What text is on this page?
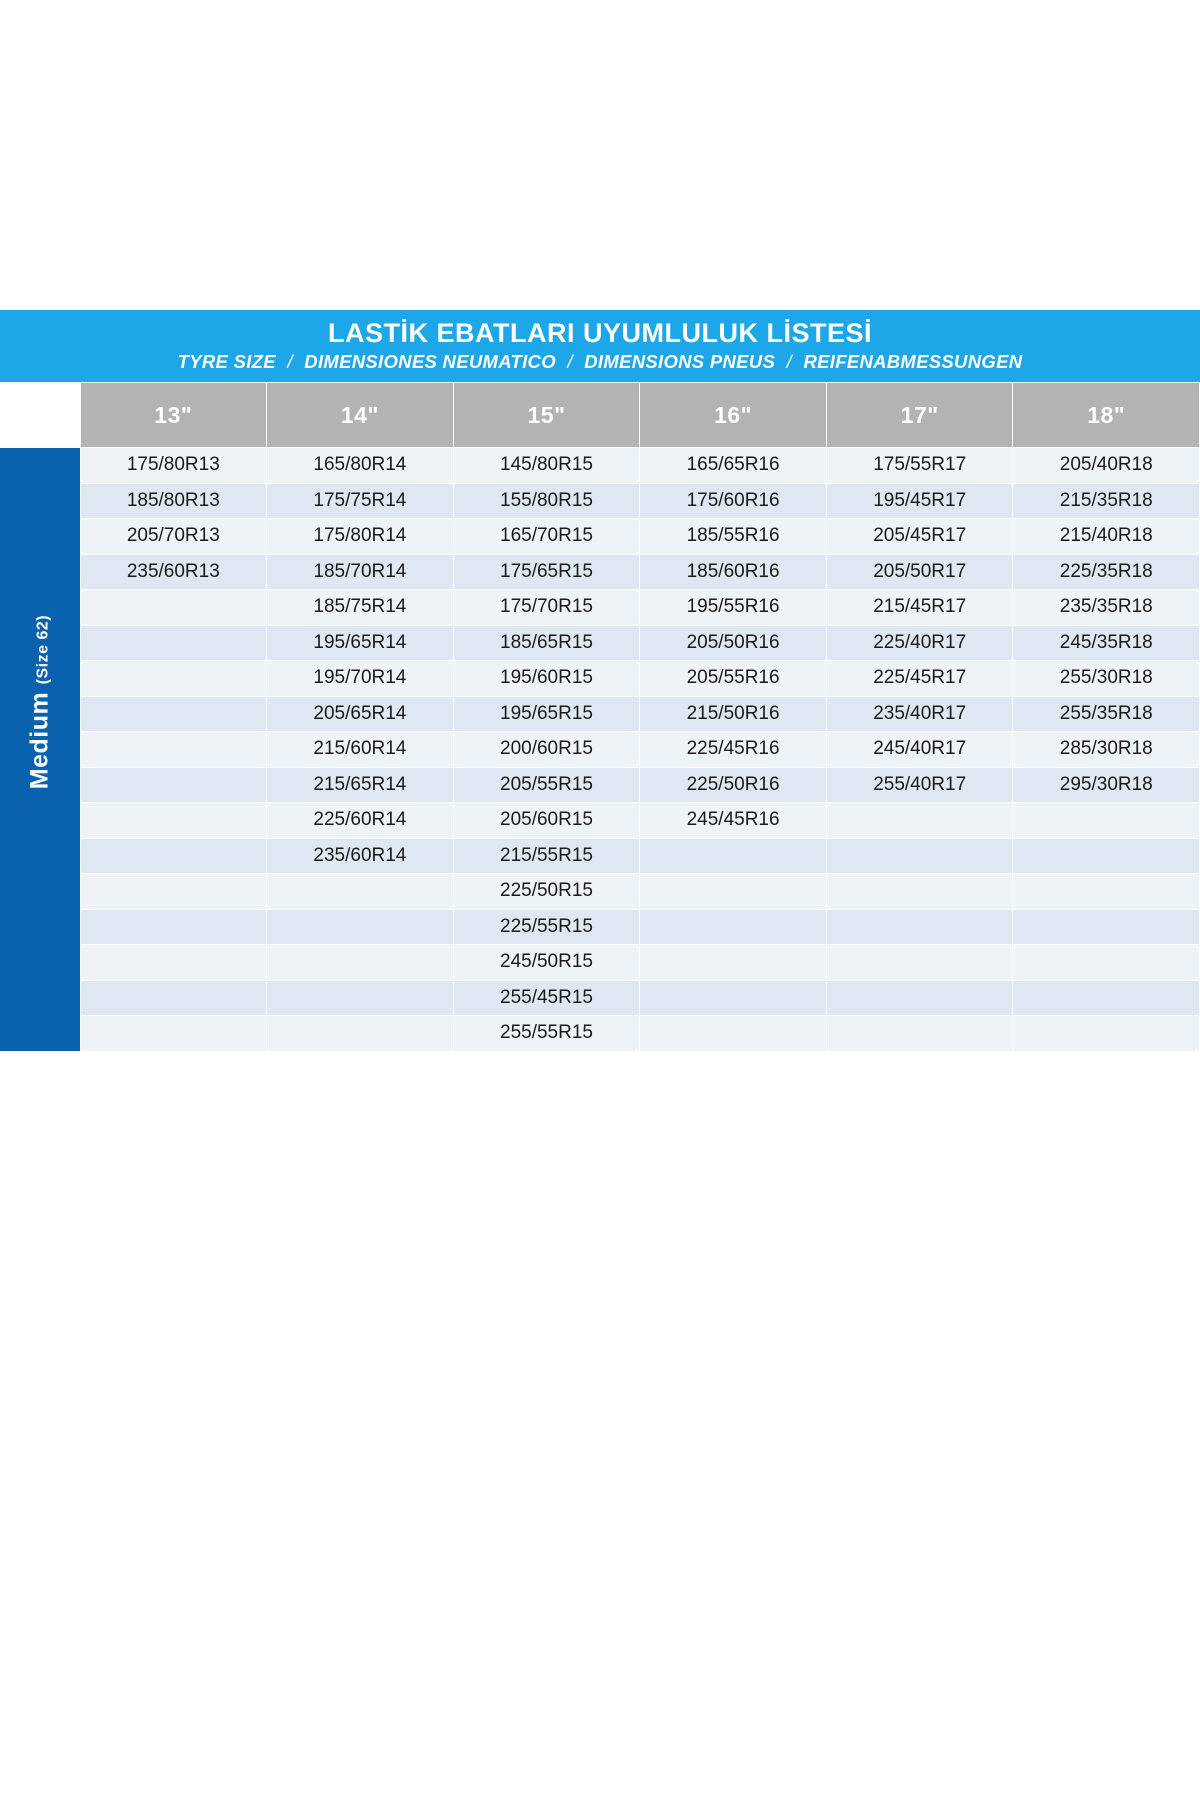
LASTİK EBATLARI UYUMLULUK LİSTESİ
TYRE SIZE / DIMENSIONES NEUMATICO / DIMENSIONS PNEUS / REIFENABMESSUNGEN
	13"	14"	15"	16"	17"	18"

Medium (Size 62)	175/80R13	165/80R14	145/80R15	165/65R16	175/55R17	205/40R18
	185/80R13	175/75R14	155/80R15	175/60R16	195/45R17	215/35R18
	205/70R13	175/80R14	165/70R15	185/55R16	205/45R17	215/40R18
	235/60R13	185/70R14	175/65R15	185/60R16	205/50R17	225/35R18
		185/75R14	175/70R15	195/55R16	215/45R17	235/35R18
		195/65R14	185/65R15	205/50R16	225/40R17	245/35R18
		195/70R14	195/60R15	205/55R16	225/45R17	255/30R18
		205/65R14	195/65R15	215/50R16	235/40R17	255/35R18
		215/60R14	200/60R15	225/45R16	245/40R17	285/30R18
		215/65R14	205/55R15	225/50R16	255/40R17	295/30R18
		225/60R14	205/60R15	245/45R16		
		235/60R14	215/55R15			
			225/50R15			
			225/55R15			
			245/50R15			
			255/45R15			
			255/55R15			
